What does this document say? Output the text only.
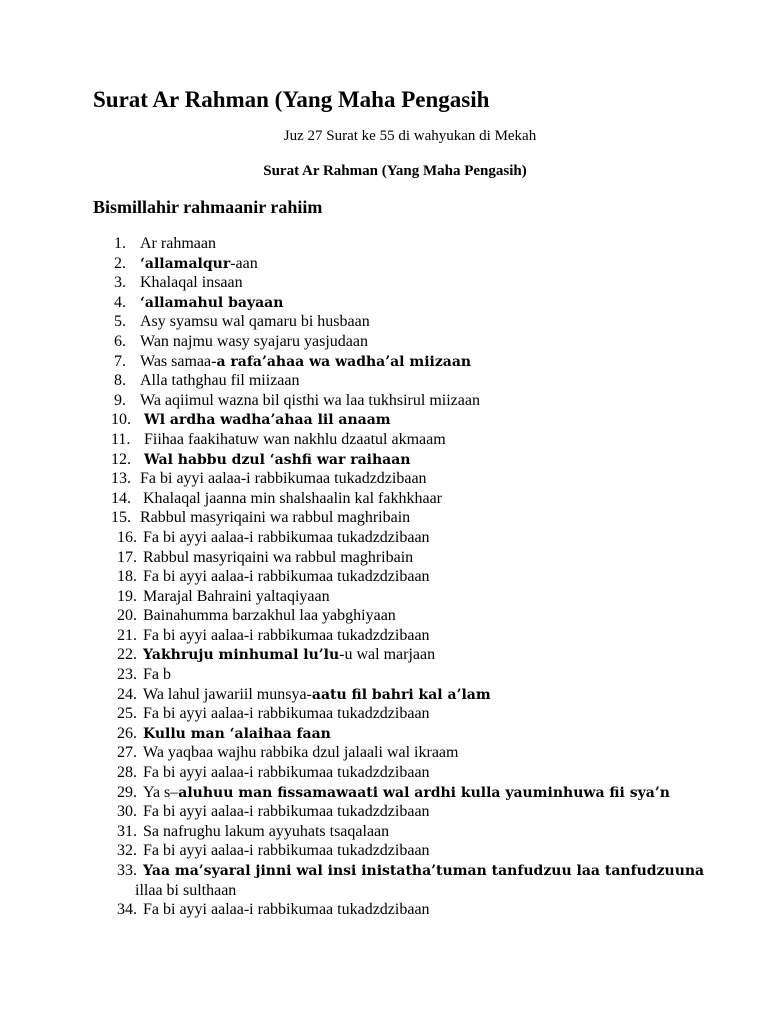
Surat Ar Rahman (Yang Maha Pengasih
Juz 27 Surat ke 55 di wahyukan di Mekah
Surat Ar Rahman (Yang Maha Pengasih)
Bismillahir rahmaanir rahiim
1. Ar rahmaan
2. ‘allamalqur-aan
3. Khalaqal insaan
4. ‘allamahul bayaan
5. Asy syamsu wal qamaru bi husbaan
6. Wan najmu wasy syajaru yasjudaan
7. Was samaa-a rafa’ahaa wa wadha’al miizaan
8. Alla tathghau fil miizaan
9. Wa aqiimul wazna bil qisthi wa laa tukhsirul miizaan
10. Wl ardha wadha’ahaa lil anaam
11. Fiihaa faakihatuw wan nakhlu dzaatul akmaam
12. Wal habbu dzul ‘ashfi war raihaan
13. Fa bi ayyi aalaa-i rabbikumaa tukadzdzibaan
14. Khalaqal jaanna min shalshaalin kal fakhkhaar
15. Rabbul masyriqaini wa rabbul maghribain
16. Fa bi ayyi aalaa-i rabbikumaa tukadzdzibaan
17. Rabbul masyriqaini wa rabbul maghribain
18. Fa bi ayyi aalaa-i rabbikumaa tukadzdzibaan
19. Marajal Bahraini yaltaqiyaan
20. Bainahumma barzakhul laa yabghiyaan
21. Fa bi ayyi aalaa-i rabbikumaa tukadzdzibaan
22. Yakhruju minhumal lu’lu-u wal marjaan
23. Fa b
24. Wa lahul jawariil munsya-aatu fil bahri kal a’lam
25. Fa bi ayyi aalaa-i rabbikumaa tukadzdzibaan
26. Kullu man ‘alaihaa faan
27. Wa yaqbaa wajhu rabbika dzul jalaali wal ikraam
28. Fa bi ayyi aalaa-i rabbikumaa tukadzdzibaan
29. Ya s–aluhuu man fissamawaati wal ardhi kulla yauminhuwa fii sya’n
30. Fa bi ayyi aalaa-i rabbikumaa tukadzdzibaan
31. Sa nafrughu lakum ayyuhats tsaqalaan
32. Fa bi ayyi aalaa-i rabbikumaa tukadzdzibaan
33. Yaa ma’syaral jinni wal insi inistatha’tuman tanfudzuu laa tanfudzuuna
illaa bi sulthaan
34. Fa bi ayyi aalaa-i rabbikumaa tukadzdzibaan
